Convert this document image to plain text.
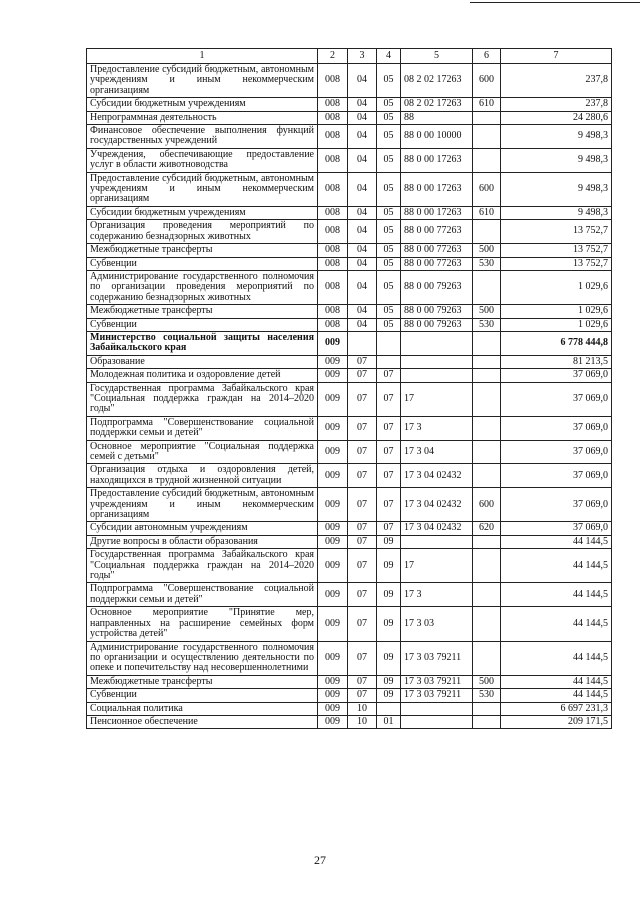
1	2	3	4	5	6	7
Предоставление субсидий бюджетным, автономным учреждениям и иным некоммерческим организациям	008	04	05	08 2 02 17263	600	237,8
Субсидии бюджетным учреждениям	008	04	05	08 2 02 17263	610	237,8
Непрограммная деятельность	008	04	05	88		24 280,6
Финансовое обеспечение выполнения функций государственных учреждений	008	04	05	88 0 00 10000		9 498,3
Учреждения, обеспечивающие предоставление услуг в области животноводства	008	04	05	88 0 00 17263		9 498,3
Предоставление субсидий бюджетным, автономным учреждениям и иным некоммерческим организациям	008	04	05	88 0 00 17263	600	9 498,3
Субсидии бюджетным учреждениям	008	04	05	88 0 00 17263	610	9 498,3
Организация проведения мероприятий по содержанию безнадзорных животных	008	04	05	88 0 00 77263		13 752,7
Межбюджетные трансферты	008	04	05	88 0 00 77263	500	13 752,7
Субвенции	008	04	05	88 0 00 77263	530	13 752,7
Администрирование государственного полномочия по организации проведения мероприятий по содержанию безнадзорных животных	008	04	05	88 0 00 79263		1 029,6
Межбюджетные трансферты	008	04	05	88 0 00 79263	500	1 029,6
Субвенции	008	04	05	88 0 00 79263	530	1 029,6
Министерство социальной защиты населения Забайкальского края	009					6 778 444,8
Образование	009	07				81 213,5
Молодежная политика и оздоровление детей	009	07	07			37 069,0
Государственная программа Забайкальского края "Социальная поддержка граждан на 2014–2020 годы"	009	07	07	17		37 069,0
Подпрограмма "Совершенствование социальной поддержки семьи и детей"	009	07	07	17 3		37 069,0
Основное мероприятие "Социальная поддержка семей с детьми"	009	07	07	17 3 04		37 069,0
Организация отдыха и оздоровления детей, находящихся в трудной жизненной ситуации	009	07	07	17 3 04 02432		37 069,0
Предоставление субсидий бюджетным, автономным учреждениям и иным некоммерческим организациям	009	07	07	17 3 04 02432	600	37 069,0
Субсидии автономным учреждениям	009	07	07	17 3 04 02432	620	37 069,0
Другие вопросы в области образования	009	07	09			44 144,5
Государственная программа Забайкальского края "Социальная поддержка граждан на 2014–2020 годы"	009	07	09	17		44 144,5
Подпрограмма "Совершенствование социальной поддержки семьи и детей"	009	07	09	17 3		44 144,5
Основное мероприятие "Принятие мер, направленных на расширение семейных форм устройства детей"	009	07	09	17 3 03		44 144,5
Администрирование государственного полномочия по организации и осуществлению деятельности по опеке и попечительству над несовершеннолетними	009	07	09	17 3 03 79211		44 144,5
Межбюджетные трансферты	009	07	09	17 3 03 79211	500	44 144,5
Субвенции	009	07	09	17 3 03 79211	530	44 144,5
Социальная политика	009	10				6 697 231,3
Пенсионное обеспечение	009	10	01			209 171,5
27
